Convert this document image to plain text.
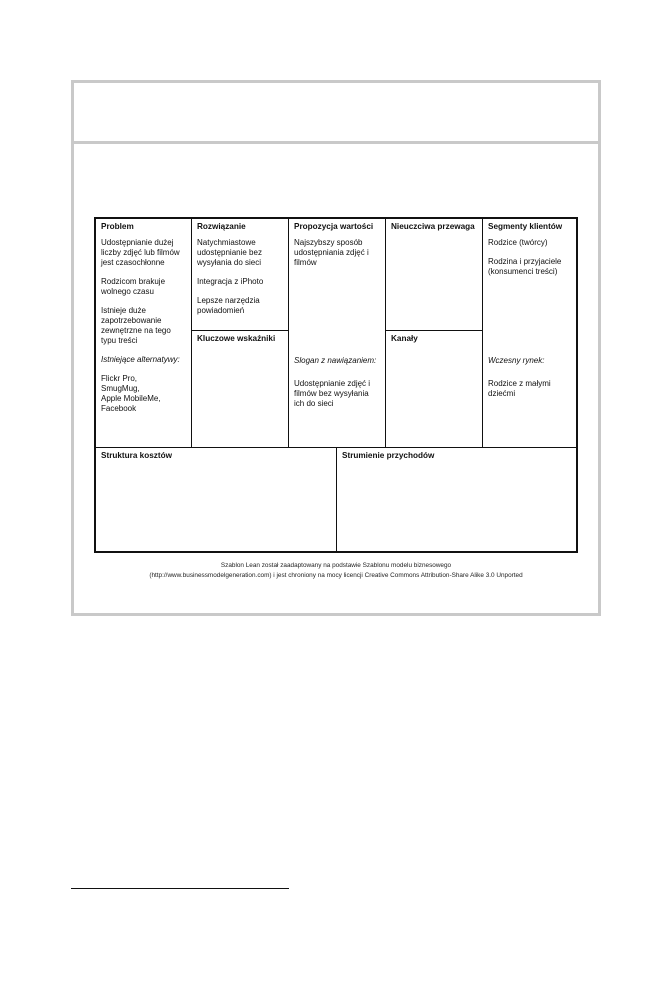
Problem
Udostępnianie dużej liczby zdjęć lub filmów jest czasochłonne
Rodzicom brakuje wolnego czasu
Istnieje duże zapotrzebowanie zewnętrzne na tego typu treści
Istniejące alternatywy:
Flickr Pro,
SmugMug,
Apple MobileMe,
Facebook
Rozwiązanie
Natychmiastowe udostępnianie bez wysyłania do sieci
Integracja z iPhoto
Lepsze narzędzia powiadomień
Kluczowe wskaźniki
Propozycja wartości
Najszybszy sposób udostępniania zdjęć i filmów
Slogan z nawiązaniem:
Udostępnianie zdjęć i filmów bez wysyłania ich do sieci
Nieuczciwa przewaga
Kanały
Segmenty klientów
Rodzice (twórcy)
Rodzina i przyjaciele (konsumenci treści)
Wczesny rynek:
Rodzice z małymi dziećmi
Struktura kosztów	Strumienie przychodów
Szablon Lean został zaadaptowany na podstawie Szablonu modelu biznesowego
(http://www.businessmodelgeneration.com) i jest chroniony na mocy licencji Creative Commons Attribution-Share Alike 3.0 Unported
